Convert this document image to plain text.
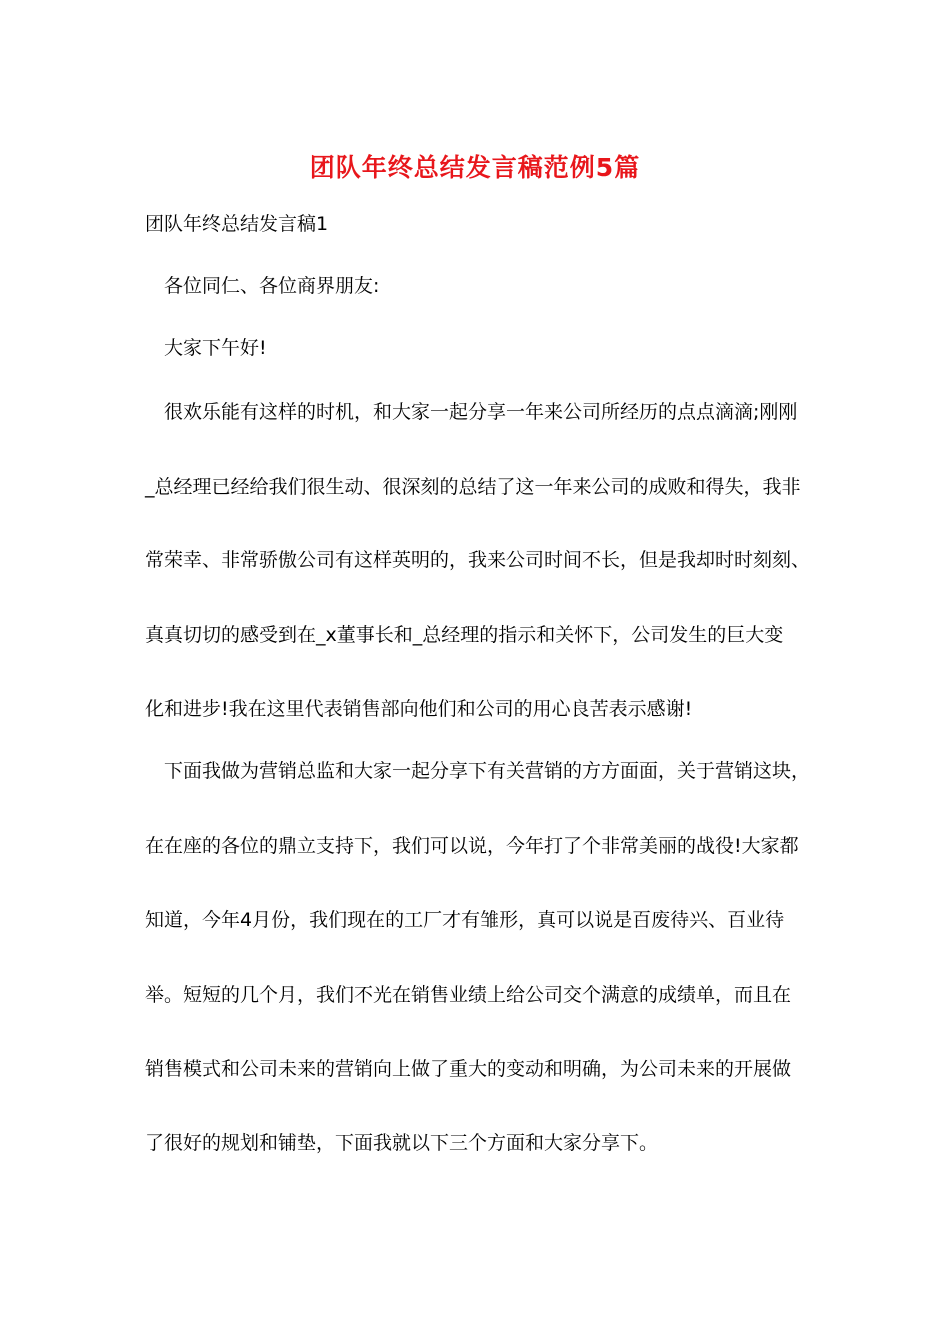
团队年终总结发言稿范例5篇
团队年终总结发言稿1
各位同仁、各位商界朋友:
大家下午好!
很欢乐能有这样的时机，和大家一起分享一年来公司所经历的点点滴滴;刚刚
_总经理已经给我们很生动、很深刻的总结了这一年来公司的成败和得失，我非
常荣幸、非常骄傲公司有这样英明的，我来公司时间不长，但是我却时时刻刻、
真真切切的感受到在_x董事长和_总经理的指示和关怀下，公司发生的巨大变
化和进步!我在这里代表销售部向他们和公司的用心良苦表示感谢!
下面我做为营销总监和大家一起分享下有关营销的方方面面，关于营销这块，
在在座的各位的鼎立支持下，我们可以说，今年打了个非常美丽的战役!大家都
知道，今年4月份，我们现在的工厂才有雏形，真可以说是百废待兴、百业待
举。短短的几个月，我们不光在销售业绩上给公司交个满意的成绩单，而且在
销售模式和公司未来的营销向上做了重大的变动和明确，为公司未来的开展做
了很好的规划和铺垫，下面我就以下三个方面和大家分享下。
